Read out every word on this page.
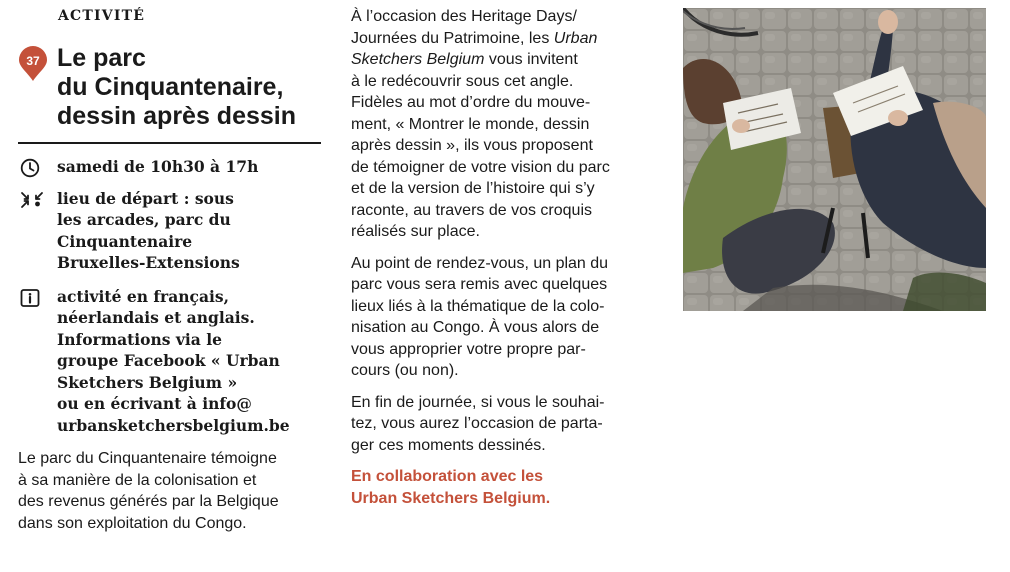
ACTIVITÉ
37 Le parc
du Cinquantenaire,
dessin après dessin
samedi de 10h30 à 17h
lieu de départ : sous
les arcades, parc du
Cinquantenaire
Bruxelles-Extensions
activité en français,
néerlandais et anglais.
Informations via le
groupe Facebook « Urban
Sketchers Belgium »
ou en écrivant à info@
urbansketchersbelgium.be

Le parc du Cinquantenaire témoigne
à sa manière de la colonisation et
des revenus générés par la Belgique
dans son exploitation du Congo.

À l’occasion des Heritage Days/
Journées du Patrimoine, les Urban
Sketchers Belgium vous invitent
à le redécouvrir sous cet angle.
Fidèles au mot d’ordre du mouve-
ment, « Montrer le monde, dessin
après dessin », ils vous proposent
de témoigner de votre vision du parc
et de la version de l’histoire qui s’y
raconte, au travers de vos croquis
réalisés sur place.

Au point de rendez-vous, un plan du
parc vous sera remis avec quelques
lieux liés à la thématique de la colo-
nisation au Congo. À vous alors de
vous approprier votre propre par-
cours (ou non).

En fin de journée, si vous le souhai-
tez, vous aurez l’occasion de parta-
ger ces moments dessinés.

En collaboration avec les
Urban Sketchers Belgium.
